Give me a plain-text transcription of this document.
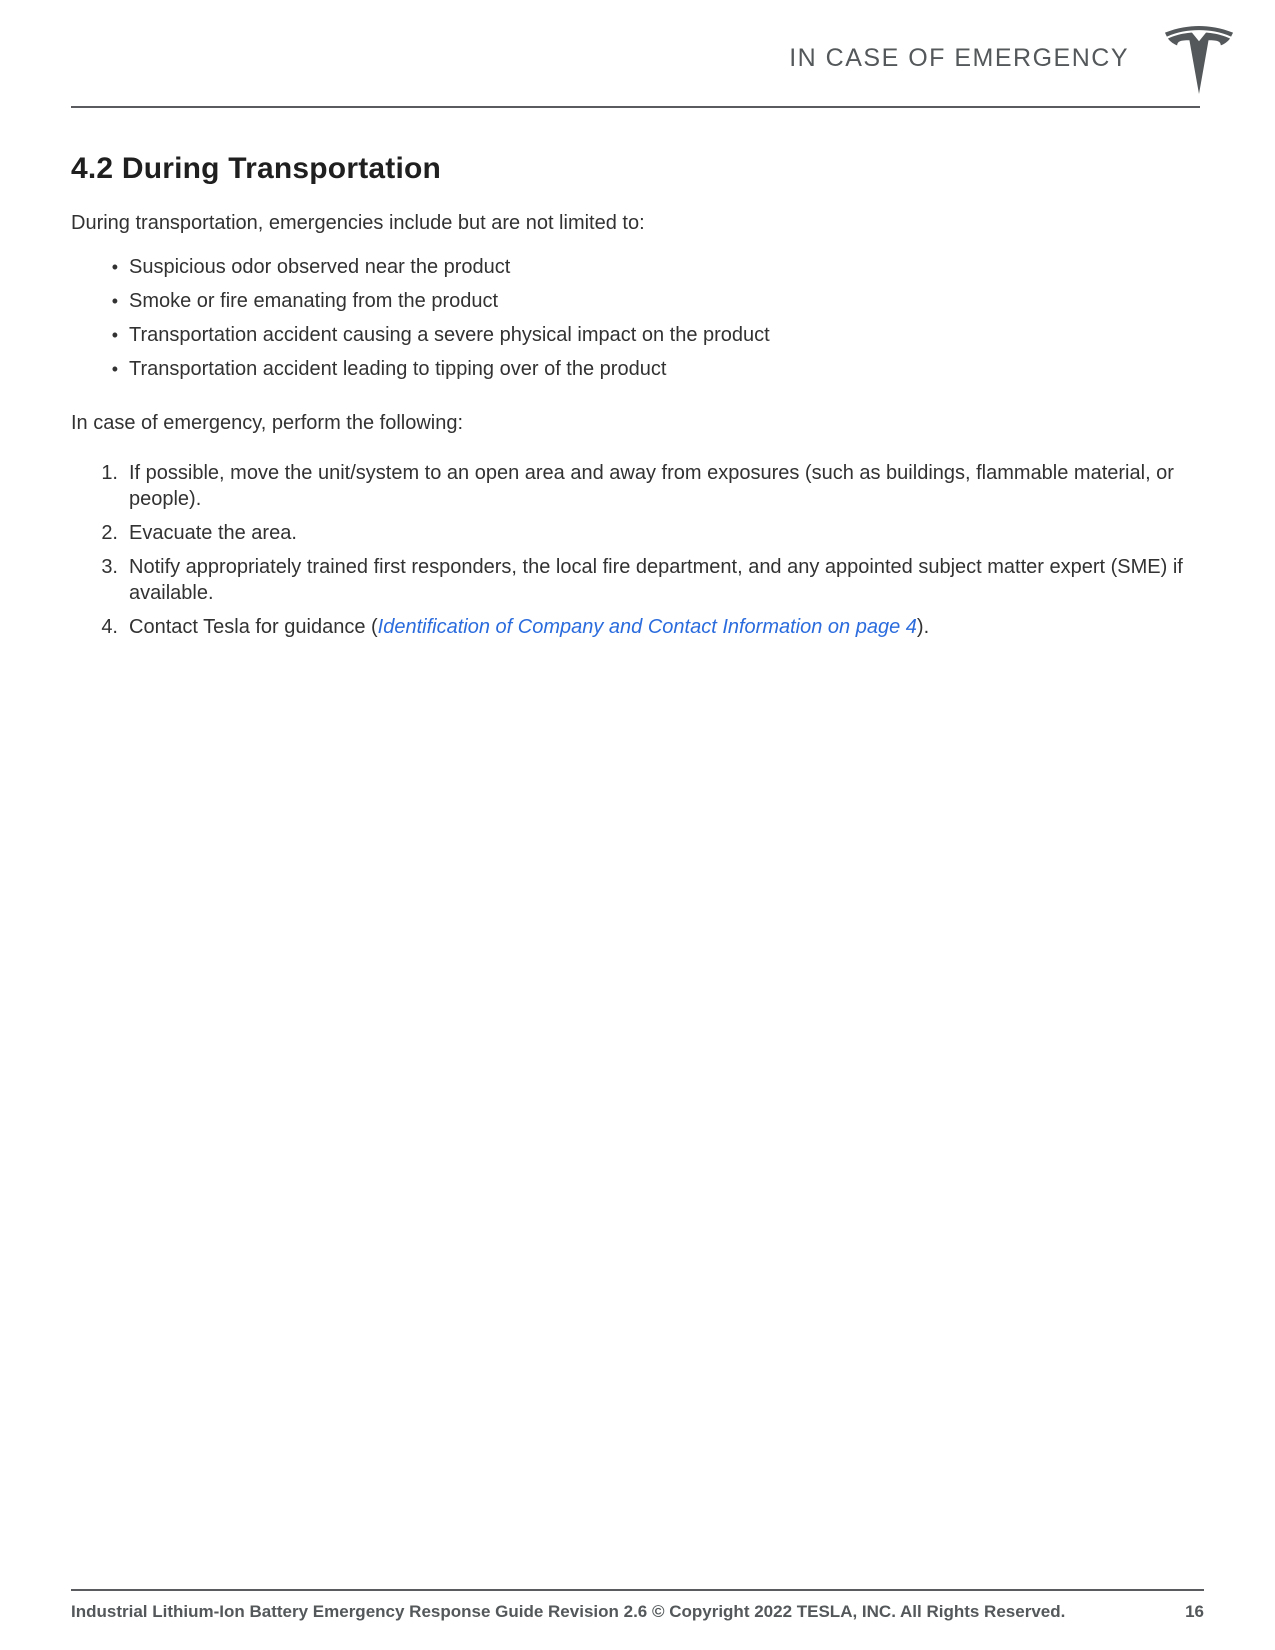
IN CASE OF EMERGENCY
4.2 During Transportation

During transportation, emergencies include but are not limited to:

• Suspicious odor observed near the product
• Smoke or fire emanating from the product
• Transportation accident causing a severe physical impact on the product
• Transportation accident leading to tipping over of the product

In case of emergency, perform the following:

1. If possible, move the unit/system to an open area and away from exposures (such as buildings, flammable material, or people).
2. Evacuate the area.
3. Notify appropriately trained first responders, the local fire department, and any appointed subject matter expert (SME) if available.
4. Contact Tesla for guidance (Identification of Company and Contact Information on page 4).
Industrial Lithium-Ion Battery Emergency Response Guide Revision 2.6 © Copyright 2022 TESLA, INC. All Rights Reserved.	16
